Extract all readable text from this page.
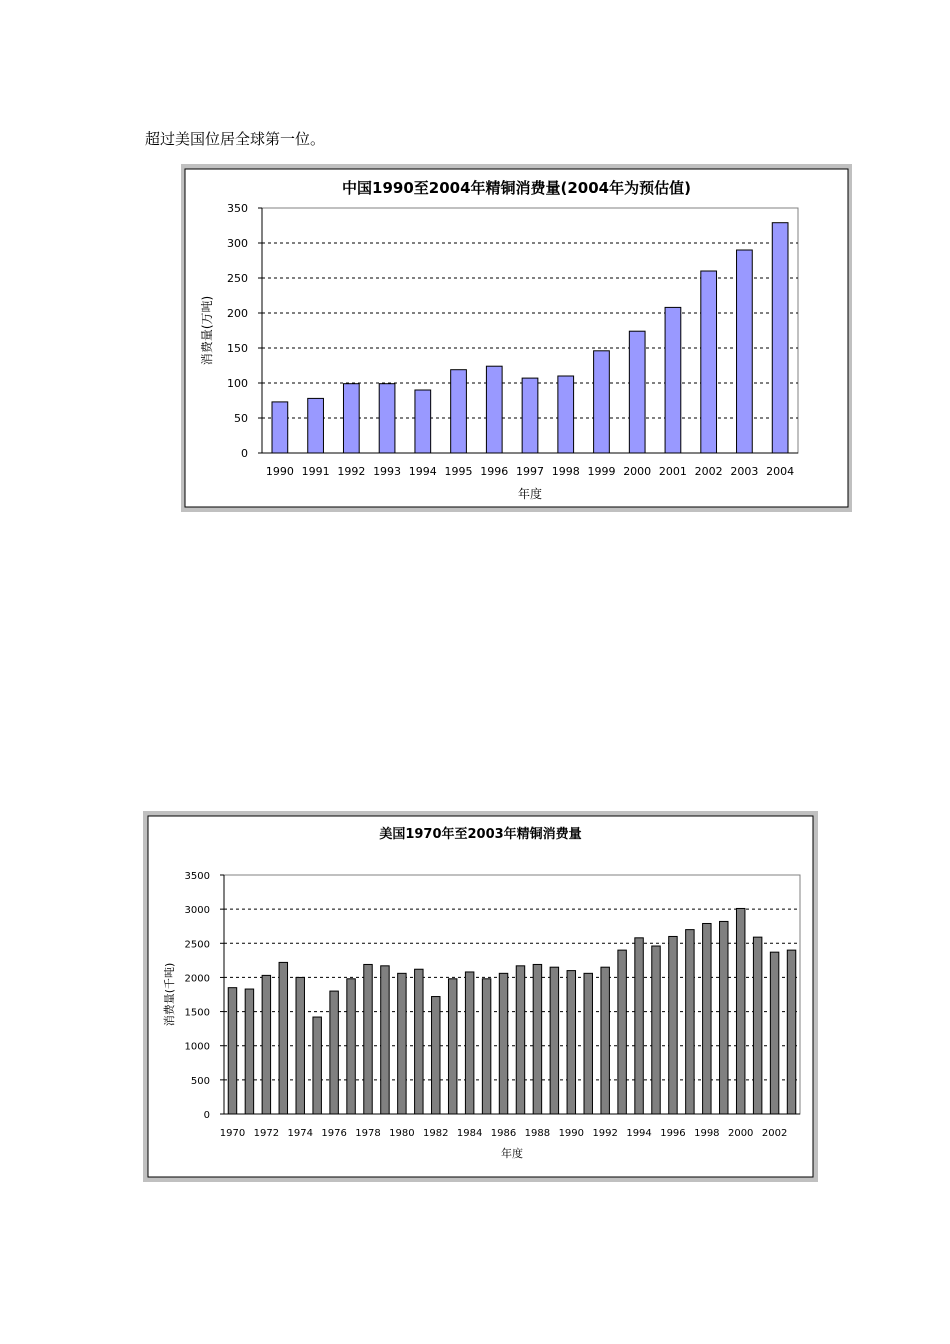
超过美国位居全球第一位。
中国1990至2004年精铜消费量(2004年为预估值)
0
50
100
150
200
250
300
350
1990 1991 1992 1993 1994 1995 1996 1997 1998 1999 2000 2001 2002 2003 2004
年度
消费量(万吨)
美国1970年至2003年精铜消费量
0
500
1000
1500
2000
2500
3000
3500
1970 1972 1974 1976 1978 1980 1982 1984 1986 1988 1990 1992 1994 1996 1998 2000 2002
年度
消费量(千吨)
